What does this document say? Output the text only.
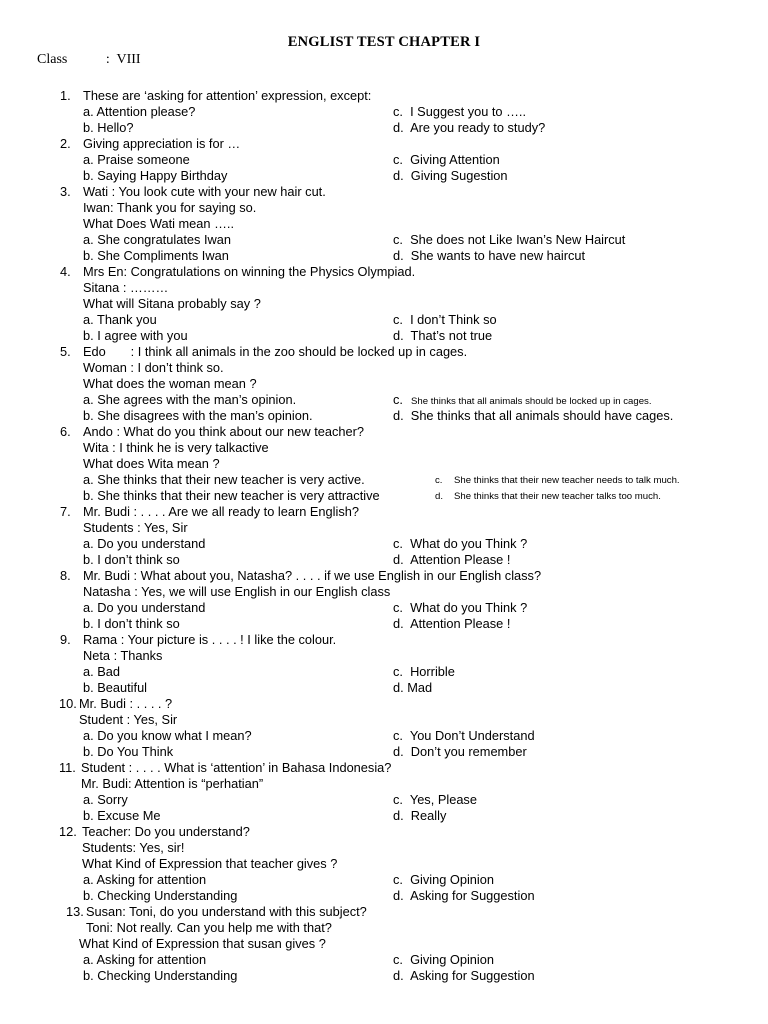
ENGLIST TEST CHAPTER I
Class	: VIII
1. These are ‘asking for attention’ expression, except:
a. Attention please?
b. Hello?
c.  I Suggest you to …..
d.  Are you ready to study?
2. Giving appreciation is for …
a. Praise someone
b. Saying Happy Birthday
c.  Giving Attention
d.  Giving Sugestion
3. Wati : You look cute with your new hair cut.
Iwan: Thank you for saying so.
What Does Wati mean …..
a. She congratulates Iwan
b. She Compliments Iwan
c.  She does not Like Iwan’s New Haircut
d.  She wants to have new haircut
4. Mrs En: Congratulations on winning the Physics Olympiad.
Sitana : ………
What will Sitana probably say ?
a. Thank you
b. I agree with you
c.  I don’t Think so
d.  That’s not true
5. Edo       : I think all animals in the zoo should be locked up in cages.
Woman : I don’t think so.
What does the woman mean ?
a. She agrees with the man’s opinion.
b. She disagrees with the man’s opinion.
c. She thinks that all animals should be locked up in cages.
d.  She thinks that all animals should have cages.
6. Ando : What do you think about our new teacher?
Wita : I think he is very talkactive
What does Wita mean ?
a. She thinks that their new teacher is very active.
b. She thinks that their new teacher is very attractive
c. She thinks that their new teacher needs to talk much.
d. She thinks that their new teacher talks too much.
7. Mr. Budi : . . . . Are we all ready to learn English?
Students : Yes, Sir
a. Do you understand
b. I don’t think so
c.  What do you Think ?
d.  Attention Please !
8. Mr. Budi : What about you, Natasha? . . . . if we use English in our English class?
Natasha : Yes, we will use English in our English class
a. Do you understand
b. I don’t think so
c.  What do you Think ?
d.  Attention Please !
9. Rama : Your picture is . . . . ! I like the colour.
Neta : Thanks
a. Bad
b. Beautiful
c.  Horrible
d. Mad
10. Mr. Budi : . . . . ?
Student : Yes, Sir
a. Do you know what I mean?
b. Do You Think
c.  You Don’t Understand
d.  Don’t you remember
11. Student : . . . . What is ‘attention’ in Bahasa Indonesia?
Mr. Budi: Attention is “perhatian”
a. Sorry
b. Excuse Me
c.  Yes, Please
d.  Really
12. Teacher: Do you understand?
Students: Yes, sir!
What Kind of Expression that teacher gives ?
a. Asking for attention
b. Checking Understanding
c.  Giving Opinion
d.  Asking for Suggestion
13. Susan: Toni, do you understand with this subject?
Toni: Not really. Can you help me with that?
What Kind of Expression that susan gives ?
a. Asking for attention
b. Checking Understanding
c.  Giving Opinion
d.  Asking for Suggestion
